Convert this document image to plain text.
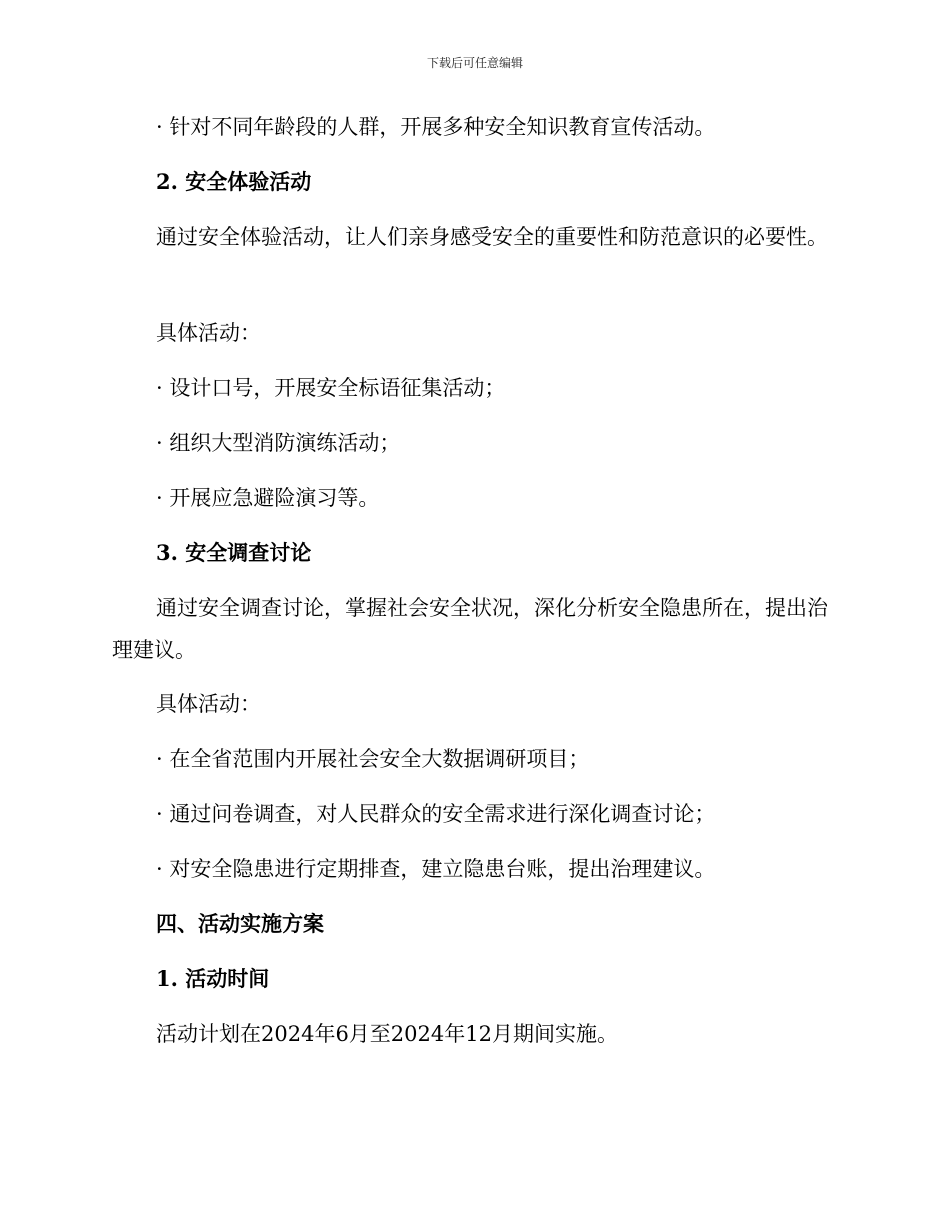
下载后可任意编辑
· 针对不同年龄段的人群，开展多种安全知识教育宣传活动。
2. 安全体验活动
通过安全体验活动，让人们亲身感受安全的重要性和防范意识的必要性。
具体活动：
· 设计口号，开展安全标语征集活动；
· 组织大型消防演练活动；
· 开展应急避险演习等。
3. 安全调查讨论
通过安全调查讨论，掌握社会安全状况，深化分析安全隐患所在，提出治理建议。
具体活动：
· 在全省范围内开展社会安全大数据调研项目；
· 通过问卷调查，对人民群众的安全需求进行深化调查讨论；
· 对安全隐患进行定期排查，建立隐患台账，提出治理建议。
四、活动实施方案
1. 活动时间
活动计划在2024年6月至2024年12月期间实施。
